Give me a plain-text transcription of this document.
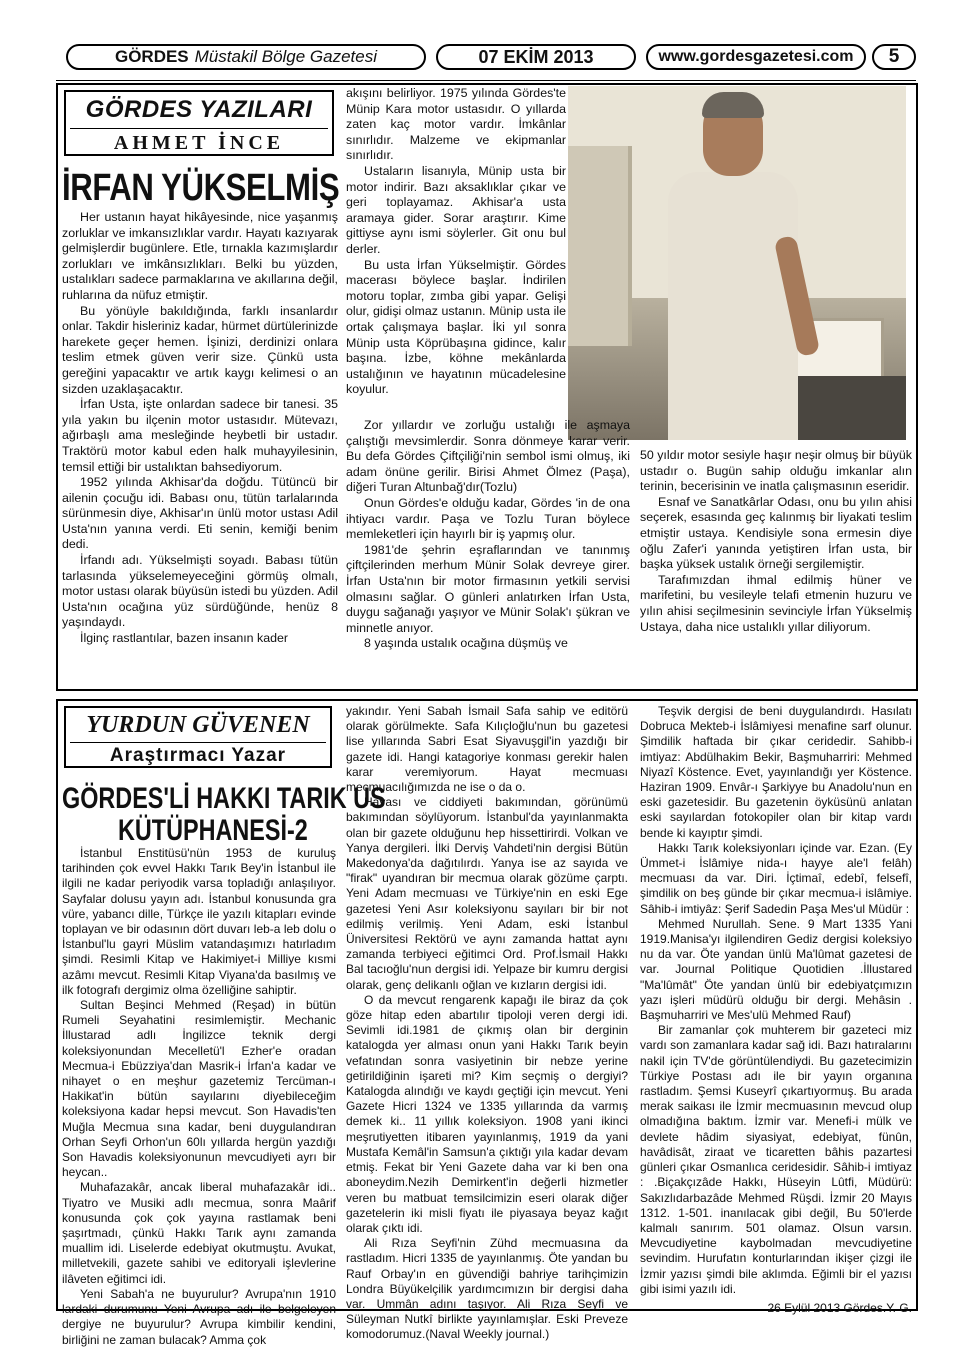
GÖRDES Müstakil Bölge Gazetesi	07 EKİM 2013	www.gordesgazetesi.com 5
GÖRDES YAZILARI
AHMET İNCE
İRFAN YÜKSELMİŞ

Her ustanın hayat hikâyesinde, nice yaşanmış zorluklar ve imkansızlıklar vardır. Hayatı kazıyarak gelmişlerdir bugünlere. Etle, tırnakla kazımışlardır zorlukları ve imkânsızlıkları. Belki bu yüzden, ustalıkları sadece parmaklarına ve akıllarına değil, ruhlarına da nüfuz etmiştir.

Bu yönüyle bakıldığında, farklı insanlardır onlar. Takdir hisleriniz kadar, hürmet dürtülerinizde harekete geçer hemen. İşinizi, derdinizi onlara teslim etmek güven verir size. Çünkü usta gereğini yapacaktır ve artık kaygı kelimesi o an sizden uzaklaşacaktır.

İrfan Usta, işte onlardan sadece bir tanesi. 35 yıla yakın bu ilçenin motor ustasıdır. Mütevazı, ağırbaşlı ama mesleğinde heybetli bir ustadır. Traktörü motor kabul eden halk muhayyilesinin, temsil ettiği bir ustalıktan bahsediyorum.

1952 yılında Akhisar'da doğdu. Tütüncü bir ailenin çocuğu idi. Babası onu, tütün tarlalarında sürünmesin diye, Akhisar'ın ünlü motor ustası Adil Usta'nın yanına verdi. Eti senin, kemiği benim dedi.

İrfandı adı. Yükselmişti soyadı. Babası tütün tarlasında yükselemeyeceğini görmüş olmalı, motor ustası olarak büyüsün istedi bu yüzden. Adil Usta'nın ocağına yüz sürdüğünde, henüz 8 yaşındaydı.

İlginç rastlantılar, bazen insanın kader

akışını belirliyor. 1975 yılında Gördes'te Münip Kara motor ustasıdır. O yıllarda zaten kaç motor vardır. İmkânlar sınırlıdır. Malzeme ve ekipmanlar sınırlıdır.

Ustaların lisanıyla, Münip usta bir motor indirir. Bazı aksaklıklar çıkar ve geri toplayamaz. Akhisar'a usta aramaya gider. Sorar araştırır. Kime gittiyse aynı ismi söylerler. Git onu bul derler.

Bu usta İrfan Yükselmiştir. Gördes macerası böylece başlar. İndirilen motoru toplar, zımba gibi yapar. Gelişi olur, gidişi olmaz ustanın. Münip usta ile ortak çalışmaya başlar. İki yıl sonra Münip usta Köprübaşına gidince, kalır başına. İzbe, köhne mekânlarda ustalığının ve hayatının mücadelesine koyulur.

Zor yıllardır ve zorluğu ustalığı ile aşmaya çalıştığı mevsimlerdir. Sonra dönmeye karar verir. Bu defa Gördes Çiftçiliği'nin sembol ismi olmuş, iki adam önüne gerilir. Birisi Ahmet Ölmez (Paşa), diğeri Turan Altunbağ'dır(Tozlu)

Onun Gördes'e olduğu kadar, Gördes 'in de ona ihtiyacı vardır. Paşa ve Tozlu Turan böylece memleketleri için hayırlı bir iş yapmış olur.

1981'de şehrin eşraflarından ve tanınmış çiftçilerinden merhum Münir Solak devreye girer. İrfan Usta'nın bir motor firmasının yetkili servisi olmasını sağlar. O günleri anlatırken İrfan Usta, duygu sağanağı yaşıyor ve Münir Solak'ı şükran ve minnetle anıyor.

8 yaşında ustalık ocağına düşmüş ve

50 yıldır motor sesiyle haşır neşir olmuş bir büyük ustadır o. Bugün sahip olduğu imkanlar alın terinin, becerisinin ve inatla çalışmasının eseridir.

Esnaf ve Sanatkârlar Odası, onu bu yılın ahisi seçerek, esasında geç kalınmış bir liyakati teslim etmiştir ustaya. Kendisiyle sona ermesin diye oğlu Zafer'i yanında yetiştiren İrfan usta, bir başka yüksek ustalık örneği sergilemiştir.

Tarafımızdan ihmal edilmiş hüner ve marifetini, bu vesileyle telafi etmenin huzuru ve yılın ahisi seçilmesinin sevinciyle İrfan Yükselmiş Ustaya, daha nice ustalıklı yıllar diliyorum.

YURDUN GÜVENEN
Araştırmacı Yazar
GÖRDES'Lİ HAKKI TARIK US
KÜTÜPHANESİ-2

İstanbul Enstitüsü'nün 1953 de kuruluş tarihinden çok evvel Hakkı Tarık Bey'in İstanbul ile ilgili ne kadar periyodik varsa topladığı anlaşılıyor. Sayfalar dolusu yayın adı. İstanbul konusunda gra vüre, yabancı dille, Türkçe ile yazılı kitapları evinde toplayan ve bir odasının dört duvarı leb-a leb dolu o İstanbul'lu gayri Müslim vatandaşımızı hatırladım şimdi. Resimli Kitap ve Hakimiyet-i Milliye kısmi azâmı mevcut. Resimli Kitap Viyana'da basılmış ve ilk fotografı dergimiz olma özelliğine sahiptir.

Sultan Beşinci Mehmed (Reşad) in bütün Rumeli Seyahatini resimlemiştir. Mechanic İllustarad adlı İngilizce teknik dergi koleksiyonundan Mecelletü'l Ezher'e oradan Mecmua-i Ebüzziya'dan Masrik-i İrfan'a kadar ve nihayet o en meşhur gazetemiz Tercüman-ı Hakikat'in bütün sayılarını diyebileceğim koleksiyona kadar hepsi mevcut. Son Havadis'ten Muğla Mecmua sına kadar, beni duygulandıran Orhan Seyfi Orhon'un 60lı yıllarda hergün yazdığı Son Havadis koleksiyonunun mevcudiyeti ayrı bir heycan..

Muhafazakâr, ancak liberal muhafazakâr idi.. Tiyatro ve Musiki adlı mecmua, sonra Maârif konusunda çok çok yayına rastlamak beni şaşırtmadı, çünkü Hakkı Tarık aynı zamanda muallim idi. Liselerde edebiyat okutmuştu. Avukat, milletvekili, gazete sahibi ve editoryali işlevlerine ilâveten eğitimci idi.

Yeni Sabah'a ne buyurulur? Avrupa'nın 1910 lardaki durumunu Yeni Avrupa adı ile belgeleyen dergiye ne buyurulur? Avrupa kimbilir kendini, birliğini ne zaman bulacak? Amma çok

yakındır. Yeni Sabah İsmail Safa sahip ve editörü olarak görülmekte. Safa Kılıçloğlu'nun bu gazetesi lise yıllarında Sabri Esat Siyavuşgil'in yazdığı bir gazete idi. Hangi katagoriye konması gerekir halen karar veremiyorum. Hayat mecmuası mecmuacılığımızda ne ise o da o.

Havası ve ciddiyeti bakımından, görünümü bakımından söylüyorum. İstanbul'da yayınlanmakta olan bir gazete olduğunu hep hissettirirdi. Volkan ve Yanya dergileri. İlki Derviş Vahdeti'nin dergisi Bütün Makedonya'da dağıtılırdı. Yanya ise az sayıda ve "firak" uyandıran bir mecmua olarak gözüme çarptı. Yeni Adam mecmuası ve Türkiye'nin en eski Ege gazetesi Yeni Asır koleksiyonu sayıları bir bir not edilmiş verilmiş. Yeni Adam, eski İstanbul Üniversitesi Rektörü ve aynı zamanda hattat aynı zamanda terbiyeci eğitimci Ord. Prof.İsmail Hakkı Bal tacıoğlu'nun dergisi idi. Yelpaze bir kumru dergisi olarak, genç delikanlı oğlan ve kızların dergisi idi.

O da mevcut rengarenk kapağı ile biraz da çok göze hitap eden abartılır tipoloji veren dergi idi. Sevimli idi.1981 de çıkmış olan bir derginin katalogda yer alması onun yani Hakkı Tarık beyin vefatından sonra vasiyetinin bir nebze yerine getirildiğinin işareti mi? Kim seçmiş o dergiyi? Katalogda alındığı ve kaydı geçtiği için mevcut. Yeni Gazete Hicri 1324 ve 1335 yıllarında da varmış demek ki.. 11 yıllık koleksiyon. 1908 yani ikinci meşrutiyetten itibaren yayınlanmış, 1919 da yani Mustafa Kemâl'in Samsun'a çıktığı yıla kadar devam etmiş. Fekat bir Yeni Gazete daha var ki ben ona aboneydim.Nezih Demirkent'in değerli hizmetler veren bu matbuat temsilcimizin eseri olarak diğer gazetelerin iki misli fiyatı ile piyasaya beyaz kağıt olarak çıktı idi.

Ali Rıza Seyfi'nin Zühd mecmuasına da rastladım. Hicri 1335 de yayınlanmış. Öte yandan bu Rauf Orbay'ın en güvendiği bahriye tarihçimizin Londra Büyükelçilik yardımcımızın bir dergisi daha var. Ummân adını taşıyor. Ali Rıza Seyfi ve Süleyman Nutkî birlikte yayınlamışlar. Eski Preveze komodorumuz.(Naval Weekly journal.)

Teşvik dergisi de beni duygulandırdı. Hasılatı Dobruca Mekteb-i İslâmiyesi menafine sarf olunur. Şimdilik haftada bir çıkar ceridedir. Sahibb-i imtiyaz: Abdülhakim Bekir, Başmuharriri: Mehmed Niyazî Köstence. Evet, yayınlandığı yer Köstence. Haziran 1909. Envâr-ı Şarkiyye bu Anadolu'nun en eski gazetesidir. Bu gazetenin öyküsünü anlatan eski sayılardan fotokopiler olan bir kitap vardı bende ki kayıptır şimdi.

Hakkı Tarık koleksiyonları içinde var. Ezan. (Ey Ümmet-i İslâmiye nida-ı hayye ale'l felâh) mecmuası da var. Diri. İçtimaî, edebî, felsefî, şimdilik on beş günde bir çıkar mecmua-i islâmiye. Sâhib-i imtiyâz: Şerif Sadedin Paşa Mes'ul Müdür :

Mehmed Nurullah. Sene. 9 Mart 1335 Yani 1919.Manisa'yı ilgilendiren Gediz dergisi koleksiyo nu da var. Öte yandan ünlü Ma'lûmat gazetesi de var. Journal Politique Quotidien .İllustared "Ma'lûmât" Öte yandan ünlü bir edebiyatçımızın yazı işleri müdürü olduğu bir dergi. Mehâsin . Başmuharriri ve Mes'ulü Mehmed Rauf)

Bir zamanlar çok muhterem bir gazeteci miz vardı son zamanlara kadar sağ idi. Bazı hatıralarını nakil için TV'de görüntülendiydi. Bu gazetecimizin Türkiye Postası adı ile bir yayın organına rastladım. Şemsi Kuseyrî çıkartıyormuş. Bu arada merak saikası ile İzmir mecmuasının mevcud olup olmadığına baktım. İzmir var. Menefi-i mülk ve devlete hâdim siyasiyat, edebiyat, fünûn, havâdisât, ziraat ve ticaretten bâhis pazartesi günleri çıkar Osmanlıca ceridesidir. Sâhib-i imtiyaz : .Biçakçızâde Hakkı, Hüseyin Lûtfi, Müdürü: Sakızlıdarbazâde Mehmed Rüşdi. İzmir 20 Mayıs 1312. 1-501. inanılacak gibi değil, Bu 50'lerde kalmalı sanırım. 501 olamaz. Olsun varsın. Mevcudiyetine kaybolmadan mevcudiyetine sevindim. Hurufatın konturlarından ikişer çizgi ile İzmir yazısı şimdi bile aklımda. Eğimli bir el yazısı gibi isimi yazılı idi.

26 Eylül 2013 Gördes.Y. G.
